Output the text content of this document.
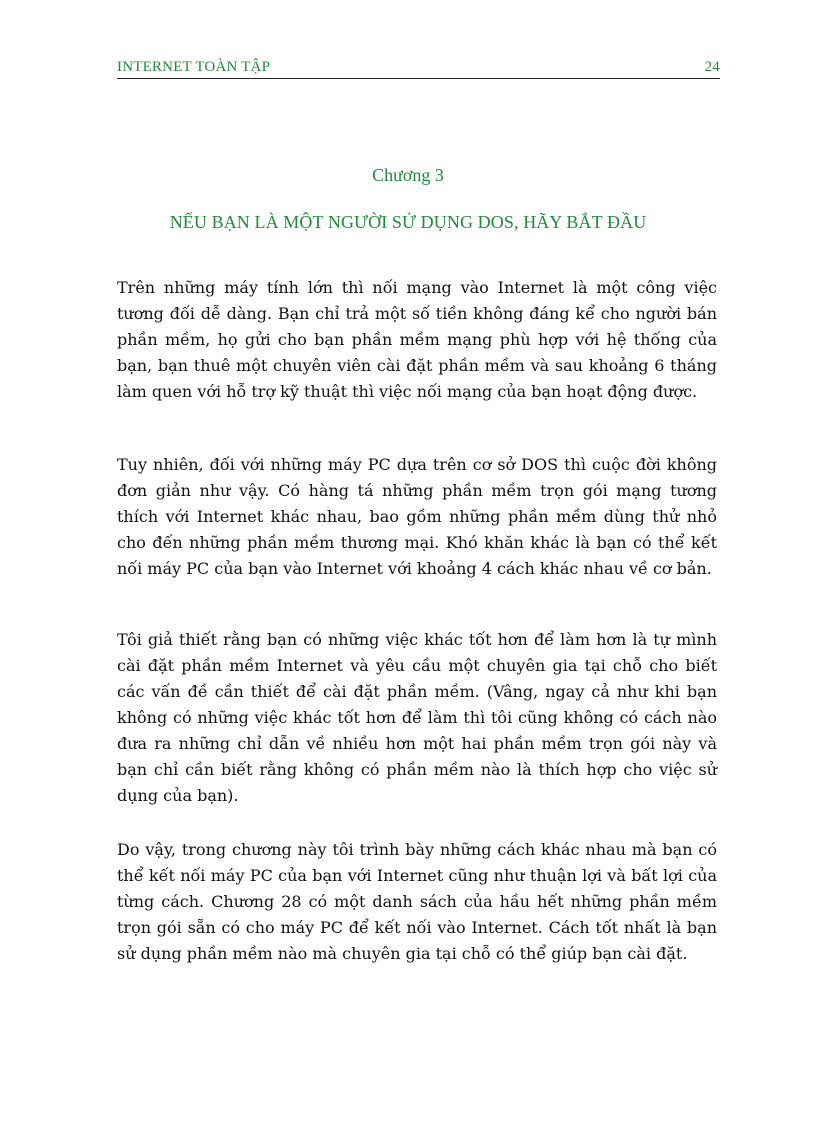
INTERNET TOÀN TẬP	24
Chương 3
NẾU BẠN LÀ MỘT NGƯỜI SỬ DỤNG DOS, HÃY BẮT ĐẦU

Trên những máy tính lớn thì nối mạng vào Internet là một công việc tương đối dễ dàng. Bạn chỉ trả một số tiền không đáng kể cho người bán phần mềm, họ gửi cho bạn phần mềm mạng phù hợp với hệ thống của bạn, bạn thuê một chuyên viên cài đặt phần mềm và sau khoảng 6 tháng làm quen với hỗ trợ kỹ thuật thì việc nối mạng của bạn hoạt động được.

Tuy nhiên, đối với những máy PC dựa trên cơ sở DOS thì cuộc đời không đơn giản như vậy. Có hàng tá những phần mềm trọn gói mạng tương thích với Internet khác nhau, bao gồm những phần mềm dùng thử nhỏ cho đến những phần mềm thương mại. Khó khăn khác là bạn có thể kết nối máy PC của bạn vào Internet với khoảng 4 cách khác nhau về cơ bản.

Tôi giả thiết rằng bạn có những việc khác tốt hơn để làm hơn là tự mình cài đặt phần mềm Internet và yêu cầu một chuyên gia tại chỗ cho biết các vấn đề cần thiết để cài đặt phần mềm. (Vâng, ngay cả như khi bạn không có những việc khác tốt hơn để làm thì tôi cũng không có cách nào đưa ra những chỉ dẫn về nhiều hơn một hai phần mềm trọn gói này và bạn chỉ cần biết rằng không có phần mềm nào là thích hợp cho việc sử dụng của bạn).

Do vậy, trong chương này tôi trình bày những cách khác nhau mà bạn có thể kết nối máy PC của bạn với Internet cũng như thuận lợi và bất lợi của từng cách. Chương 28 có một danh sách của hầu hết những phần mềm trọn gói sẵn có cho máy PC để kết nối vào Internet. Cách tốt nhất là bạn sử dụng phần mềm nào mà chuyên gia tại chỗ có thể giúp bạn cài đặt.
